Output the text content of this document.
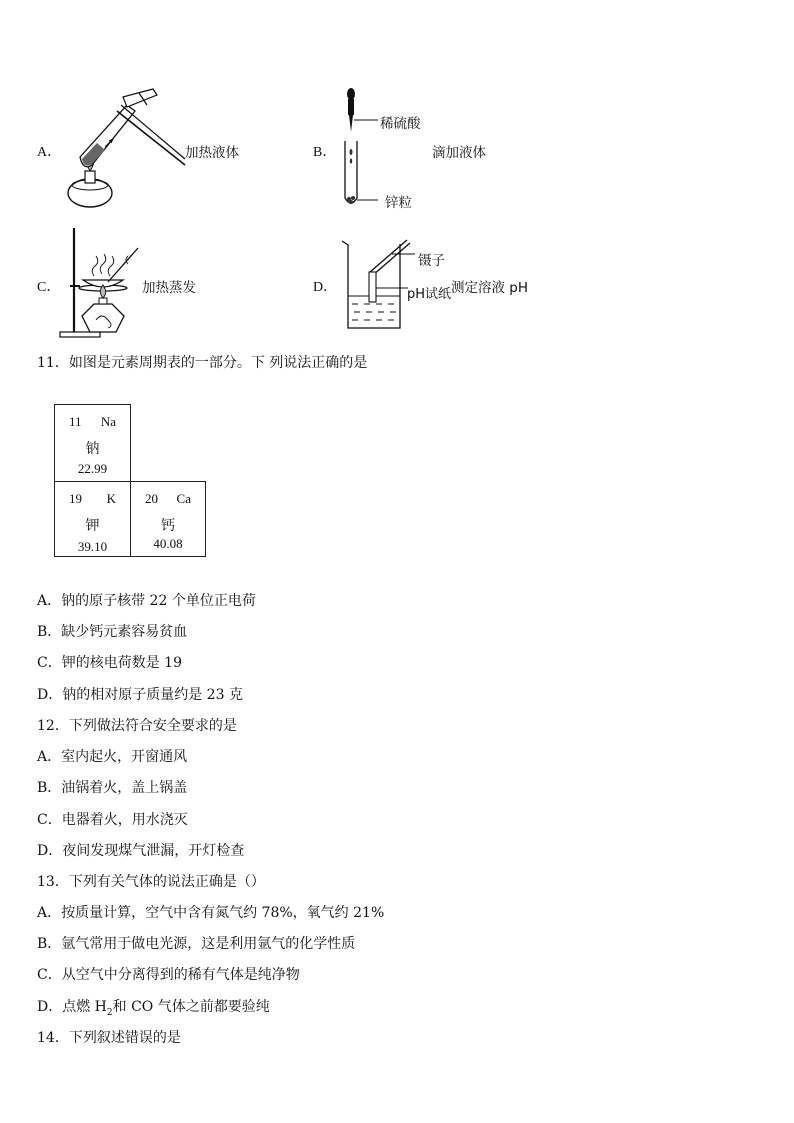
A．	加热液体	B．
稀硫酸
滴加液体
锌粒
C．	加热蒸发	D．
镊子
pH试纸 测定溶液 pH
11．如图是元素周期表的一部分。下 列说法正确的是
11 Na
钠
22.99
19 K
钾
39.10
20 Ca
钙
40.08
A．钠的原子核带 22 个单位正电荷
B．缺少钙元素容易贫血
C．钾的核电荷数是 19
D．钠的相对原子质量约是 23 克
12．下列做法符合安全要求的是
A．室内起火，开窗通风
B．油锅着火，盖上锅盖
C．电器着火，用水浇灭
D．夜间发现煤气泄漏，开灯检查
13．下列有关气体的说法正确是（）
A．按质量计算，空气中含有氮气约 78%，氧气约 21%
B．氩气常用于做电光源，这是利用氩气的化学性质
C．从空气中分离得到的稀有气体是纯净物
D．点燃 $H_2$和 CO 气体之前都要验纯
14．下列叙述错误的是
